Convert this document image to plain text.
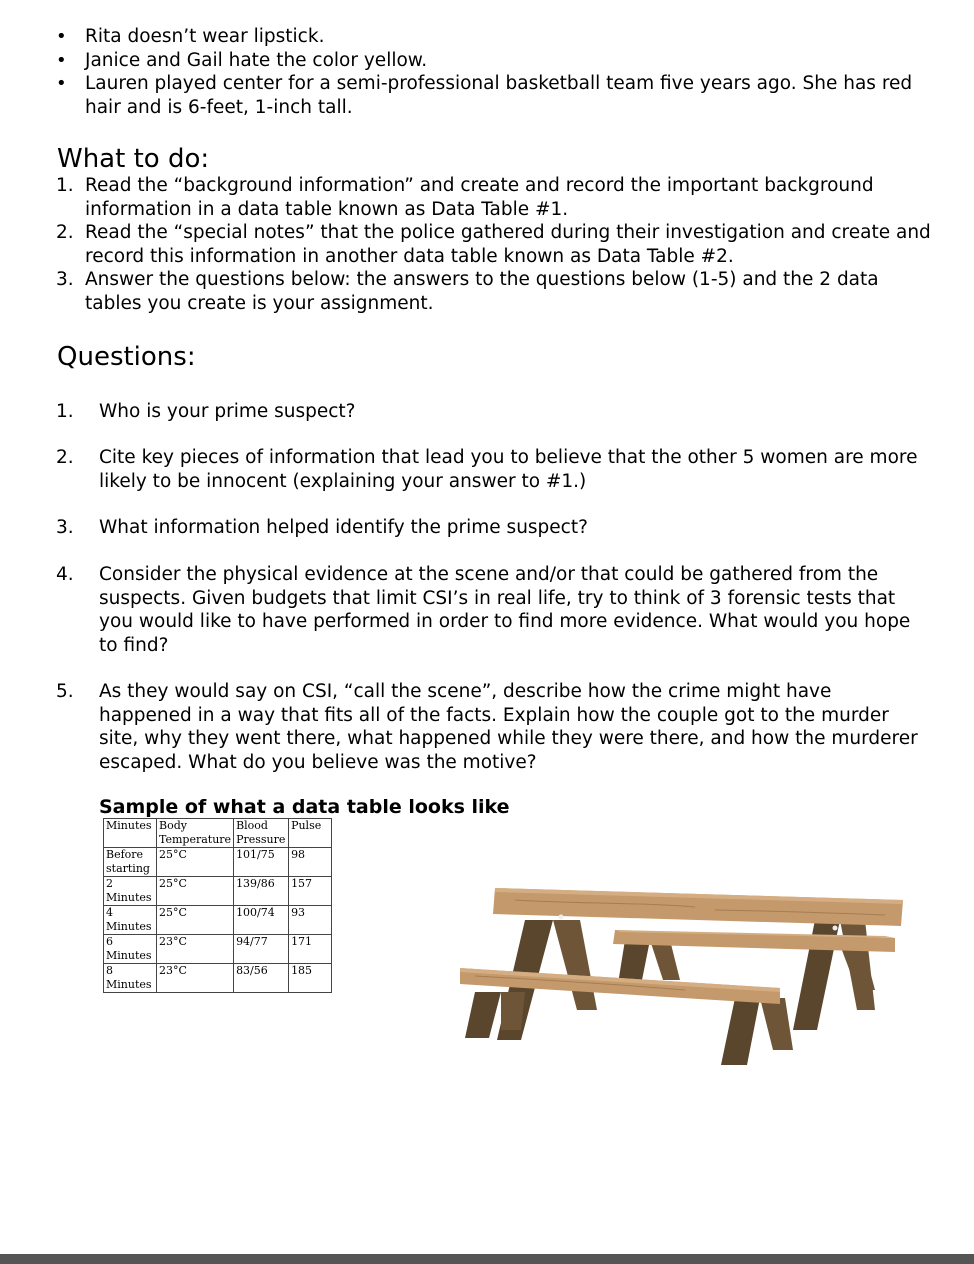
• Rita doesn’t wear lipstick.
• Janice and Gail hate the color yellow.
• Lauren played center for a semi-professional basketball team five years ago. She has red hair and is 6-feet, 1-inch tall.
What to do:
1. Read the “background information” and create and record the important background information in a data table known as Data Table #1.
2. Read the “special notes” that the police gathered during their investigation and create and record this information in another data table known as Data Table #2.
3. Answer the questions below: the answers to the questions below (1-5) and the 2 data tables you create is your assignment.
Questions:
1. Who is your prime suspect?
2. Cite key pieces of information that lead you to believe that the other 5 women are more likely to be innocent (explaining your answer to #1.)
3. What information helped identify the prime suspect?
4. Consider the physical evidence at the scene and/or that could be gathered from the suspects. Given budgets that limit CSI’s in real life, try to think of 3 forensic tests that you would like to have performed in order to find more evidence. What would you hope to find?
5. As they would say on CSI, “call the scene”, describe how the crime might have happened in a way that fits all of the facts. Explain how the couple got to the murder site, why they went there, what happened while they were there, and how the murderer escaped. What do you believe was the motive?
Sample of what a data table looks like
Minutes	Body Temperature	Blood Pressure	Pulse
Before starting	25°C	101/75	98
2 Minutes	25°C	139/86	157
4 Minutes	25°C	100/74	93
6 Minutes	23°C	94/77	171
8 Minutes	23°C	83/56	185
